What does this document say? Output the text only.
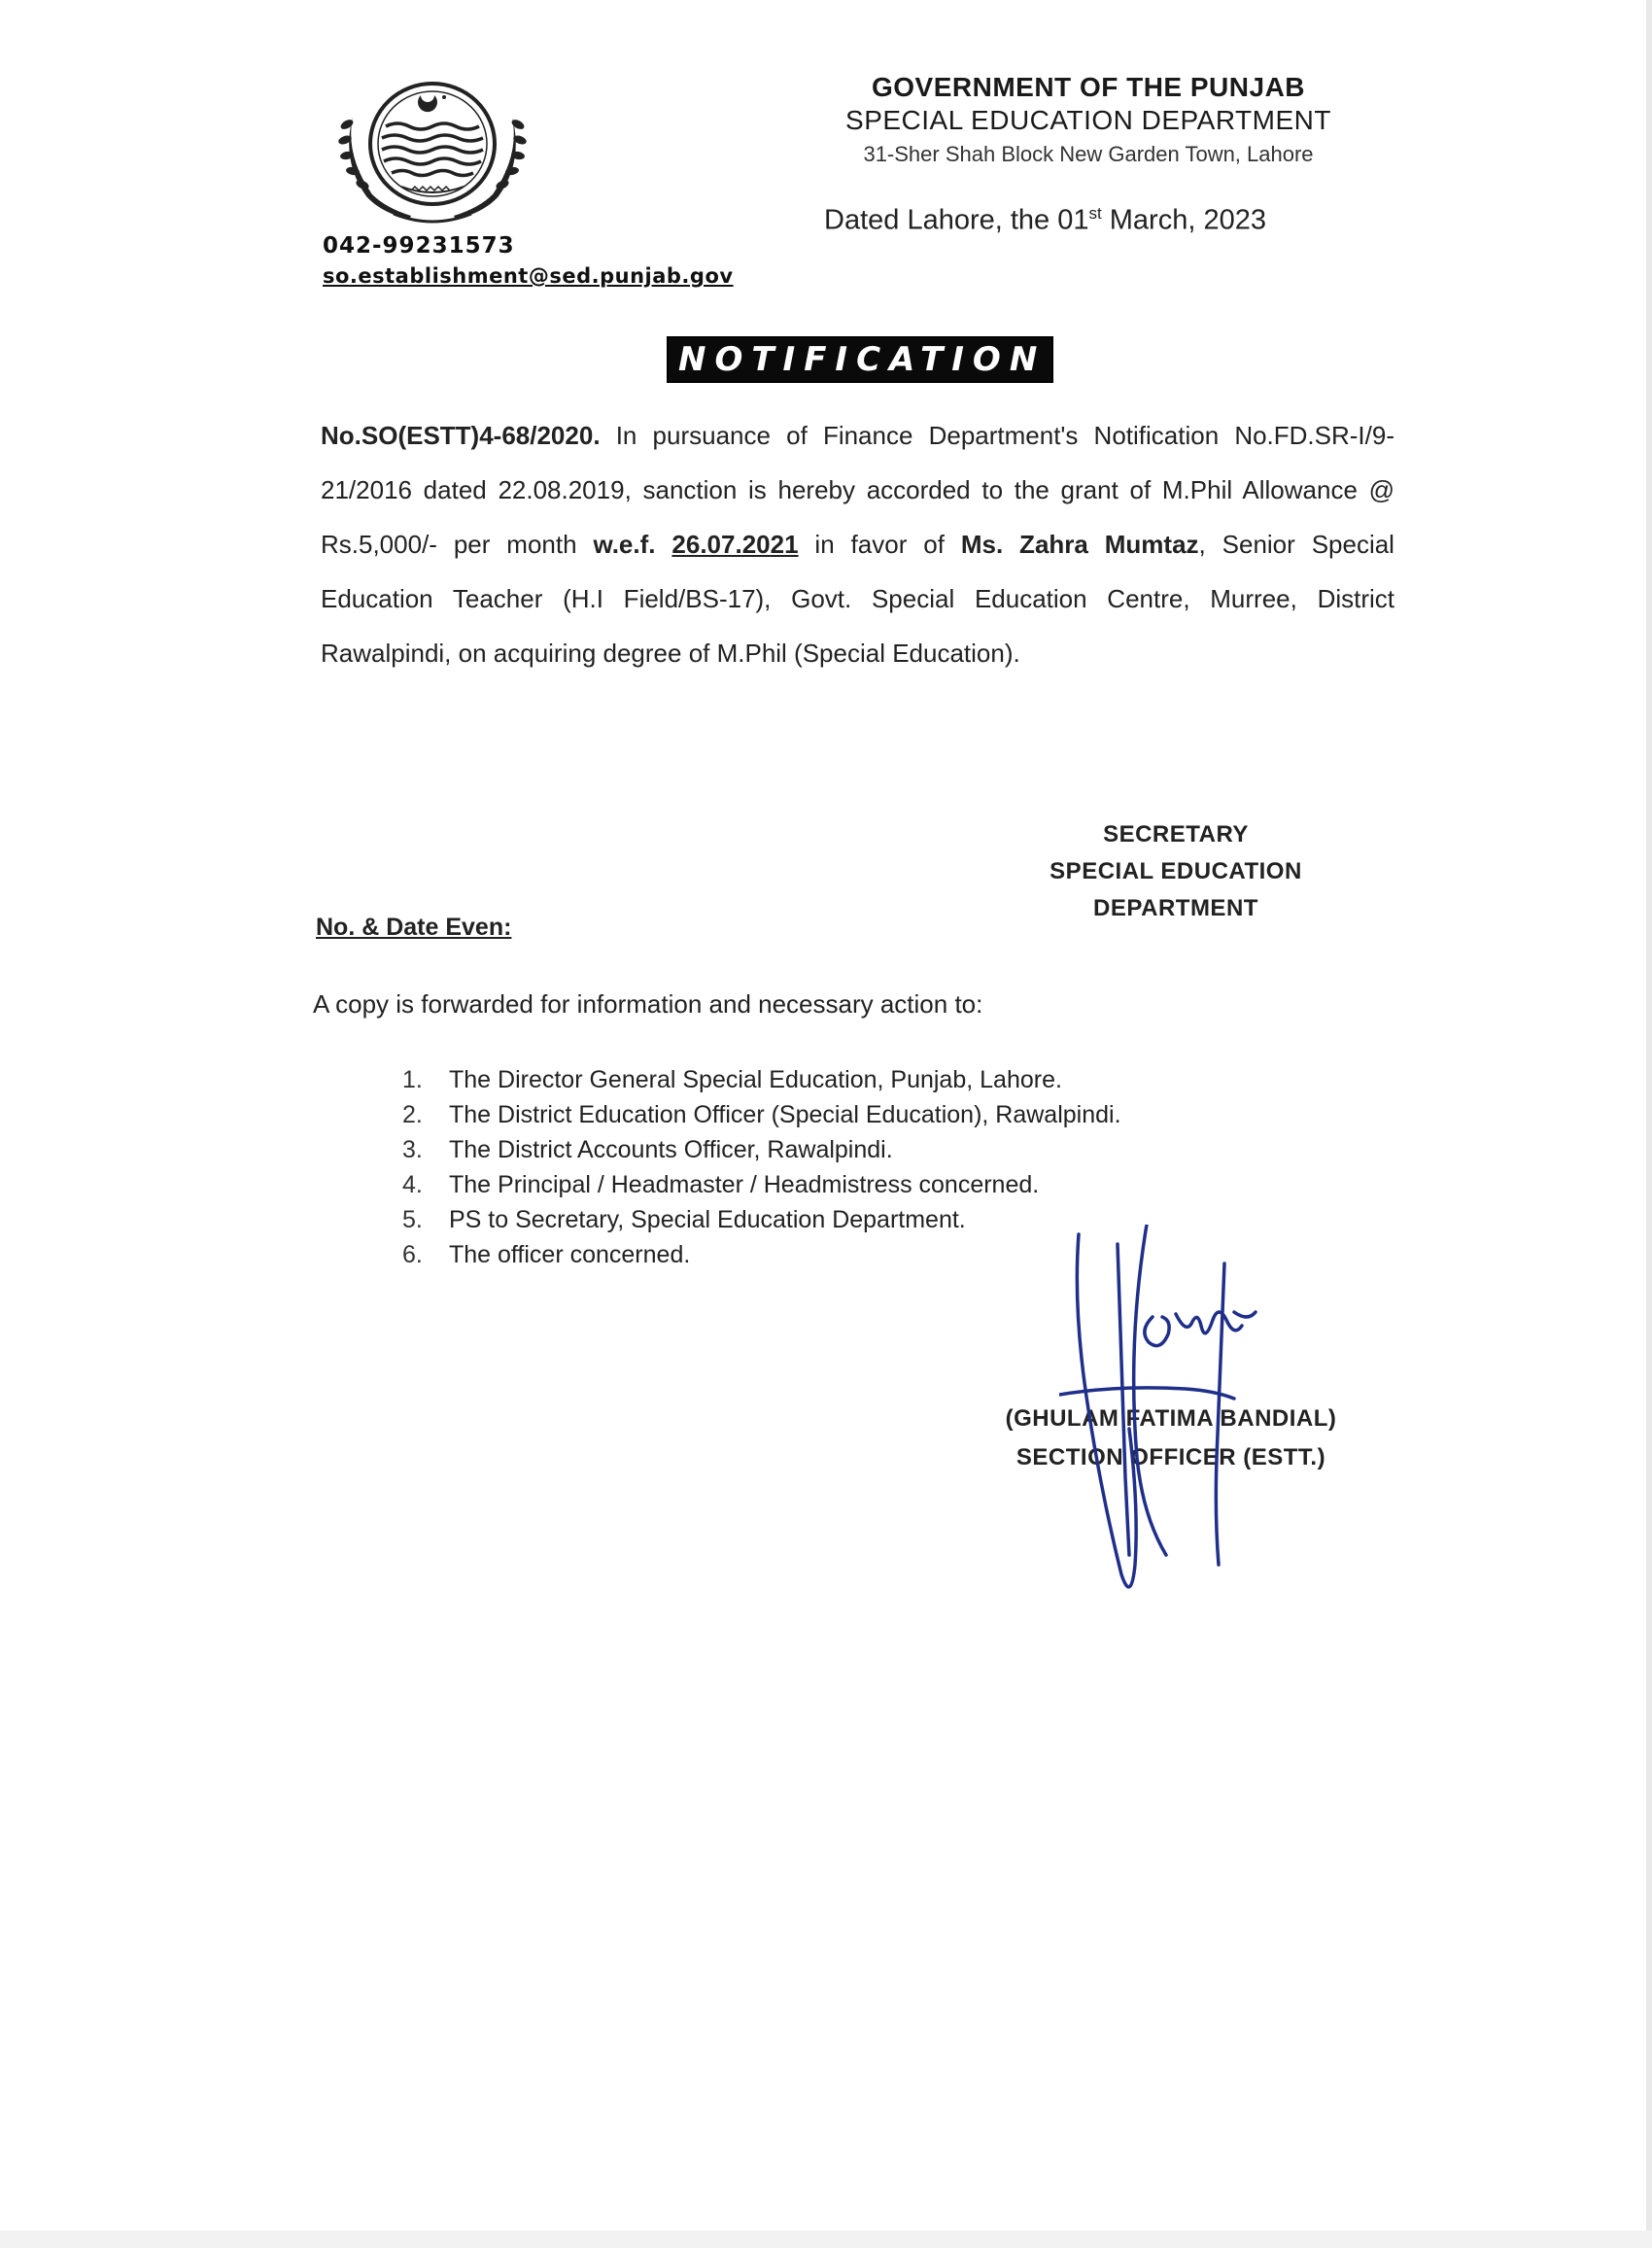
042-99231573
so.establishment@sed.punjab.gov
GOVERNMENT OF THE PUNJAB
SPECIAL EDUCATION DEPARTMENT
31-Sher Shah Block New Garden Town, Lahore
Dated Lahore, the 01st March, 2023
NOTIFICATION
No.SO(ESTT)4-68/2020. In pursuance of Finance Department's Notification No.FD.SR-I/9-21/2016 dated 22.08.2019, sanction is hereby accorded to the grant of M.Phil Allowance @ Rs.5,000/- per month w.e.f. 26.07.2021 in favor of Ms. Zahra Mumtaz, Senior Special Education Teacher (H.I Field/BS-17), Govt. Special Education Centre, Murree, District Rawalpindi, on acquiring degree of M.Phil (Special Education).
SECRETARY
SPECIAL EDUCATION
DEPARTMENT
No. & Date Even:
A copy is forwarded for information and necessary action to:
1.	The Director General Special Education, Punjab, Lahore.
2.	The District Education Officer (Special Education), Rawalpindi.
3.	The District Accounts Officer, Rawalpindi.
4.	The Principal / Headmaster / Headmistress concerned.
5.	PS to Secretary, Special Education Department.
6.	The officer concerned.
(GHULAM FATIMA BANDIAL)
SECTION OFFICER (ESTT.)
